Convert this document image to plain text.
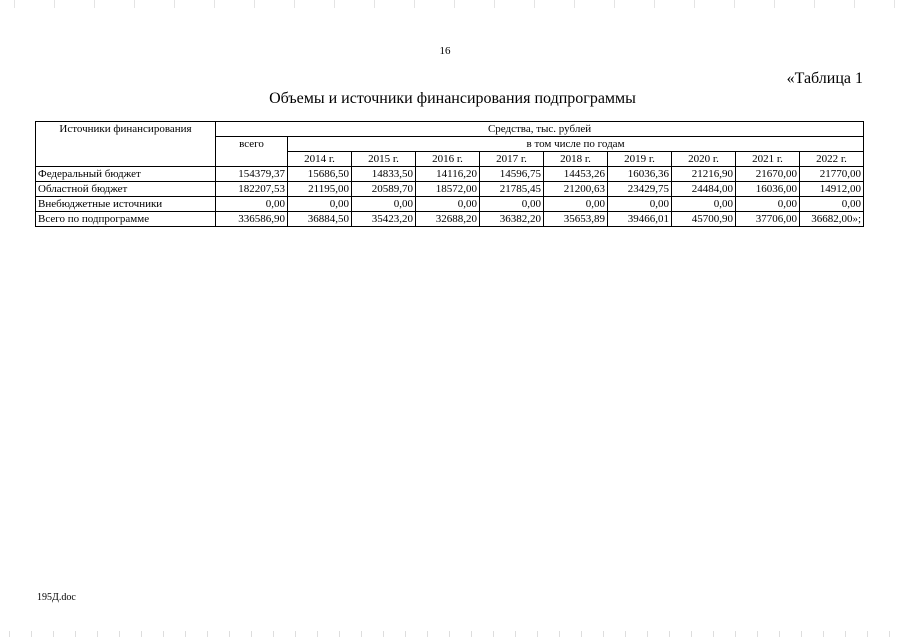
16
«Таблица 1
Объемы и источники финансирования подпрограммы
Источники финансирования	Средства, тыс. рублей									
	всего	в том числе по годам								
		2014 г.	2015 г.	2016 г.	2017 г.	2018 г.	2019 г.	2020 г.	2021 г.	2022 г.
Федеральный бюджет	154379,37	15686,50	14833,50	14116,20	14596,75	14453,26	16036,36	21216,90	21670,00	21770,00
Областной бюджет	182207,53	21195,00	20589,70	18572,00	21785,45	21200,63	23429,75	24484,00	16036,00	14912,00
Внебюджетные источники	0,00	0,00	0,00	0,00	0,00	0,00	0,00	0,00	0,00	0,00
Всего по подпрограмме	336586,90	36884,50	35423,20	32688,20	36382,20	35653,89	39466,01	45700,90	37706,00	36682,00»;
195Д.doc
